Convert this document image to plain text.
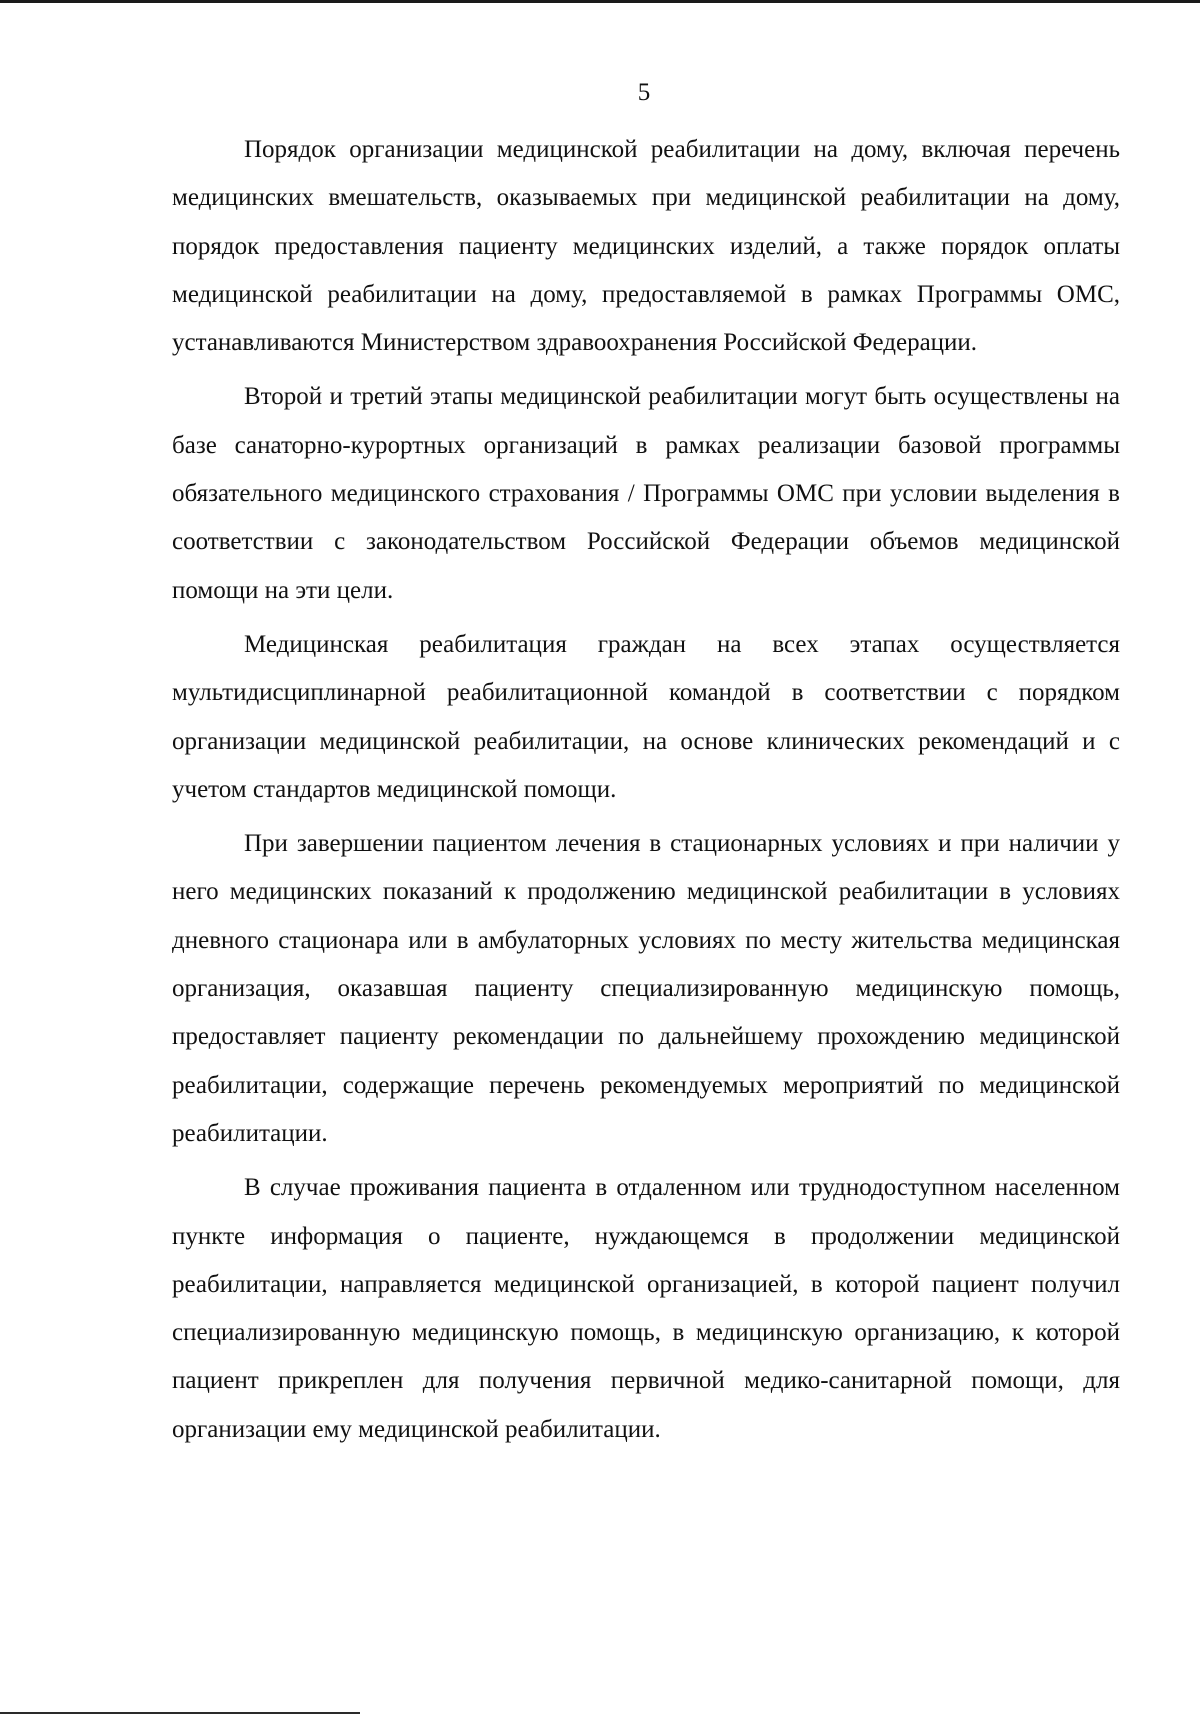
5

Порядок организации медицинской реабилитации на дому, включая перечень медицинских вмешательств, оказываемых при медицинской реабилитации на дому, порядок предоставления пациенту медицинских изделий, а также порядок оплаты медицинской реабилитации на дому, предоставляемой в рамках Программы ОМС, устанавливаются Министерством здравоохранения Российской Федерации.

Второй и третий этапы медицинской реабилитации могут быть осуществлены на базе санаторно-курортных организаций в рамках реализации базовой программы обязательного медицинского страхования / Программы ОМС при условии выделения в соответствии с законодательством Российской Федерации объемов медицинской помощи на эти цели.

Медицинская реабилитация граждан на всех этапах осуществляется мультидисциплинарной реабилитационной командой в соответствии с порядком организации медицинской реабилитации, на основе клинических рекомендаций и с учетом стандартов медицинской помощи.

При завершении пациентом лечения в стационарных условиях и при наличии у него медицинских показаний к продолжению медицинской реабилитации в условиях дневного стационара или в амбулаторных условиях по месту жительства медицинская организация, оказавшая пациенту специализированную медицинскую помощь, предоставляет пациенту рекомендации по дальнейшему прохождению медицинской реабилитации, содержащие перечень рекомендуемых мероприятий по медицинской реабилитации.

В случае проживания пациента в отдаленном или труднодоступном населенном пункте информация о пациенте, нуждающемся в продолжении медицинской реабилитации, направляется медицинской организацией, в которой пациент получил специализированную медицинскую помощь, в медицинскую организацию, к которой пациент прикреплен для получения первичной медико-санитарной помощи, для организации ему медицинской реабилитации.
